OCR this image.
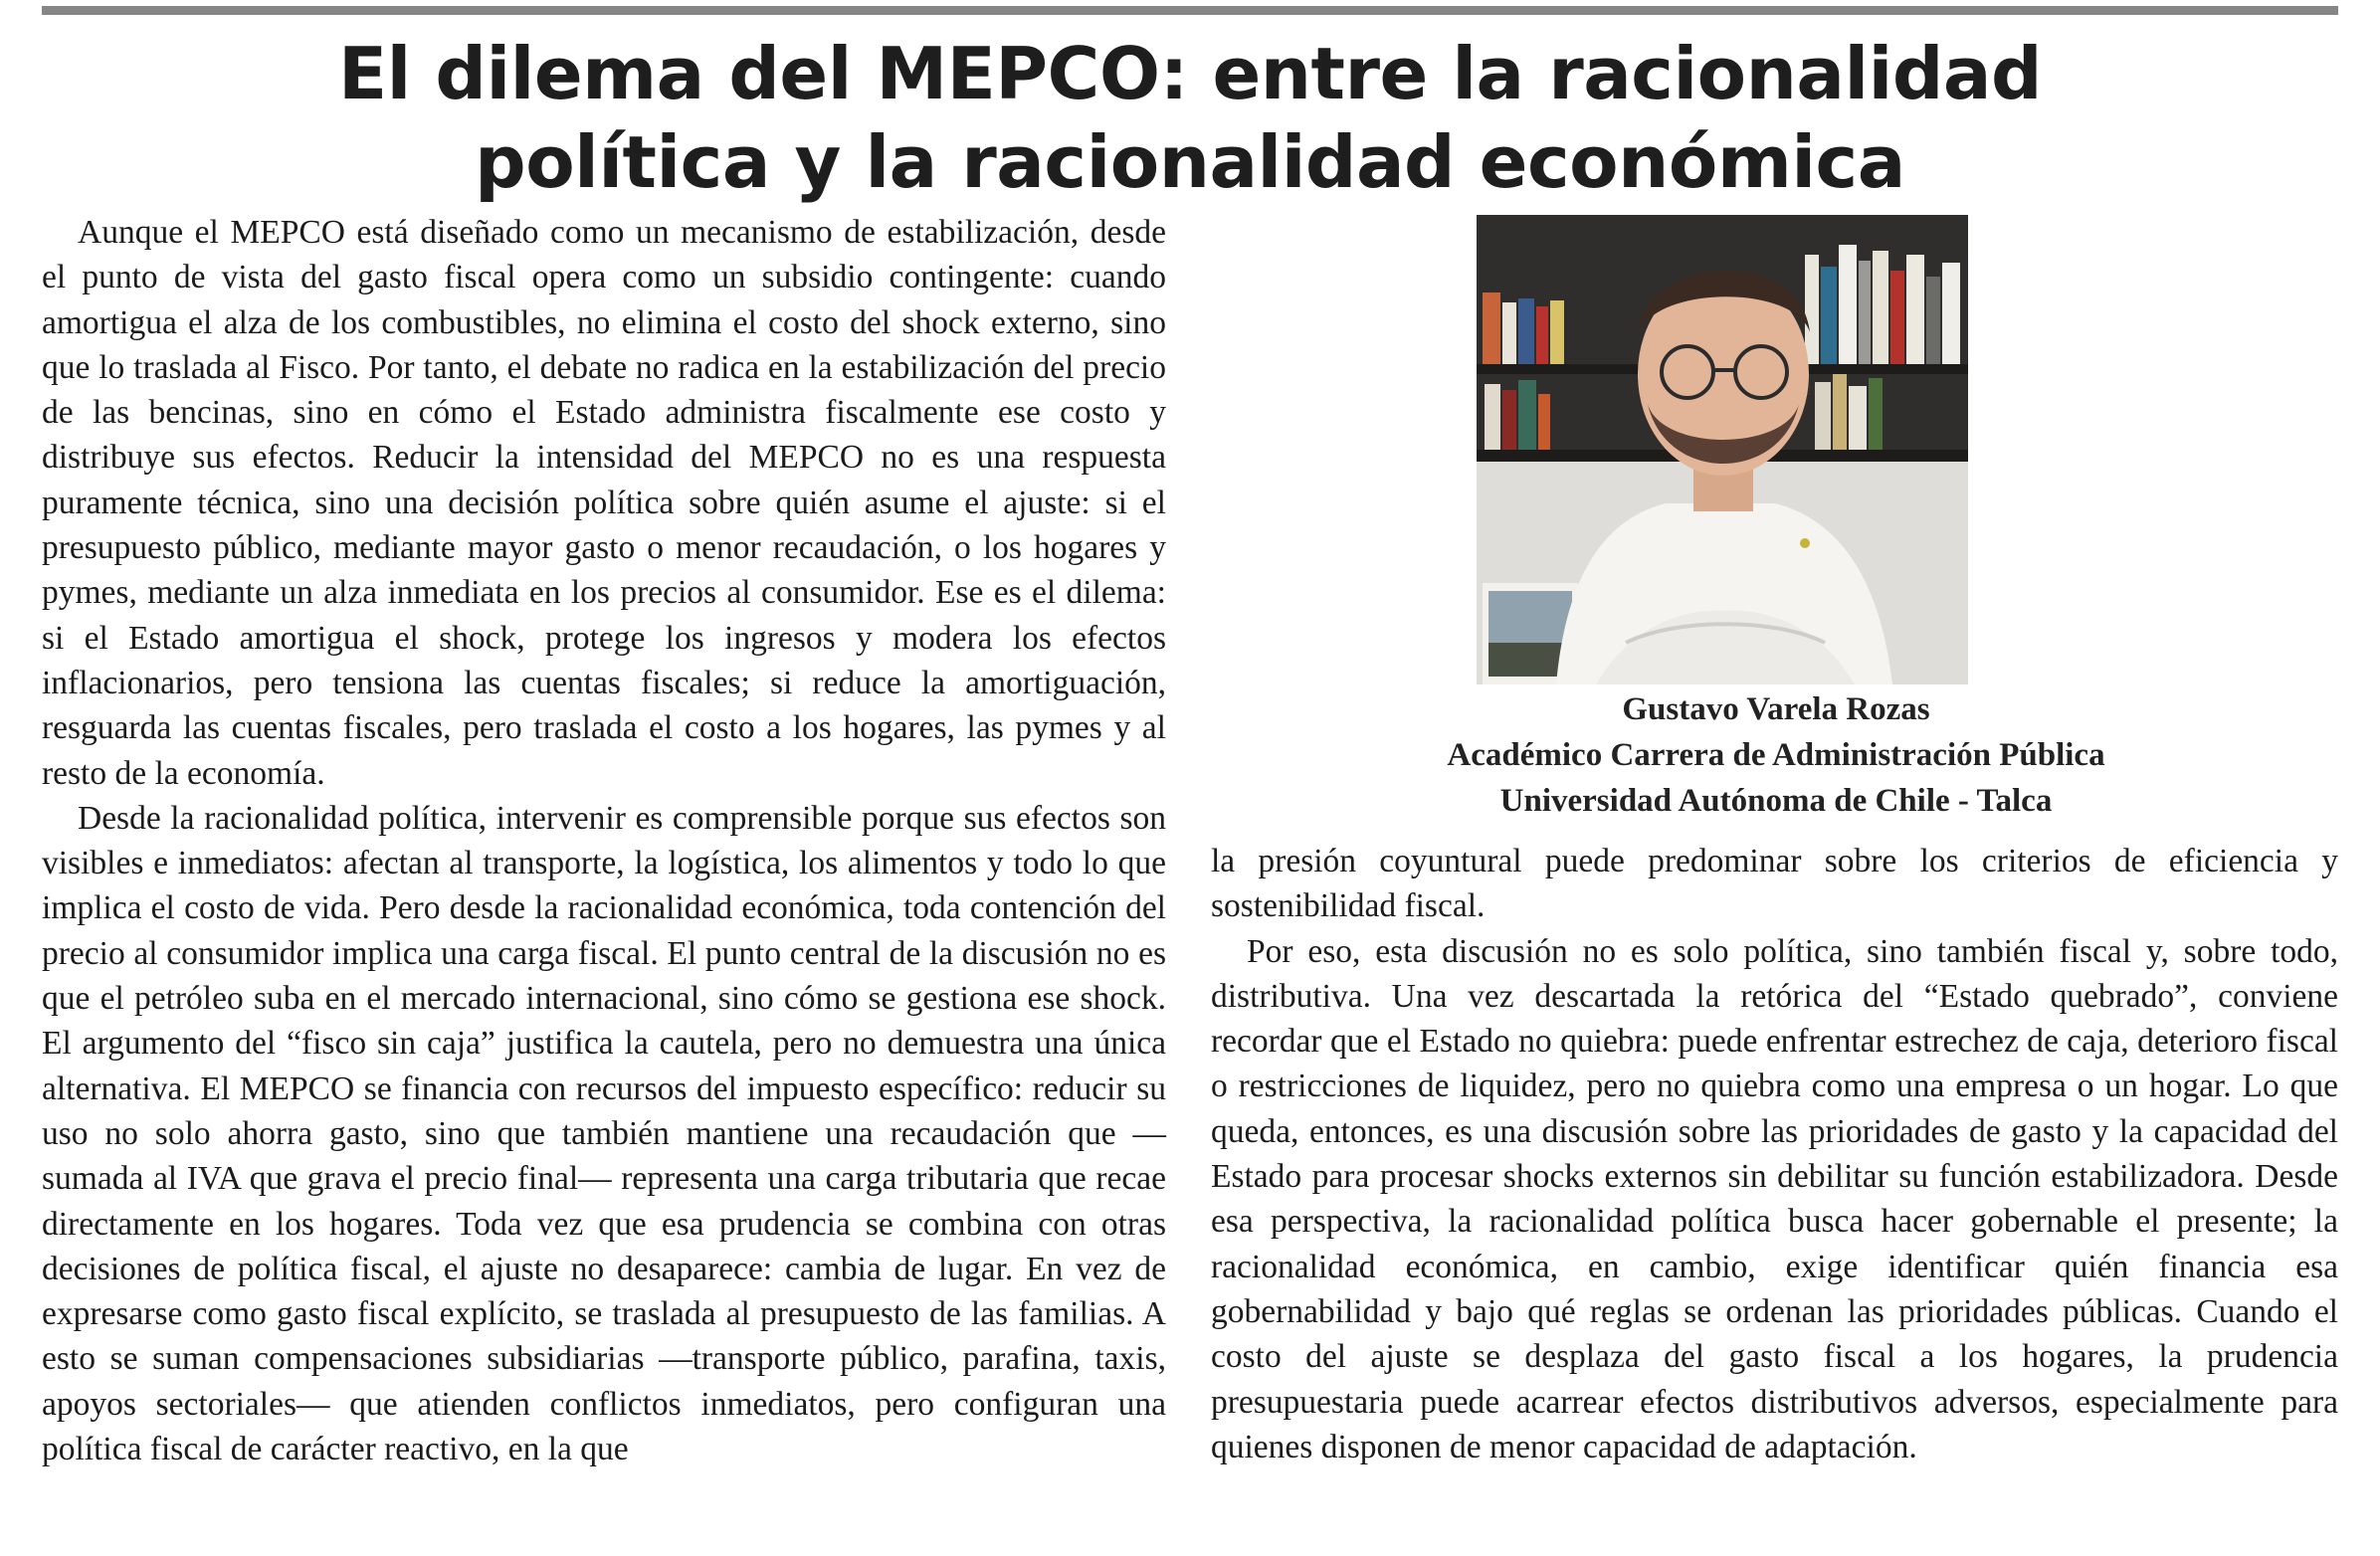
El dilema del MEPCO: entre la racionalidad
política y la racionalidad económica

Aunque el MEPCO está diseñado como un mecanismo de estabilización, desde el punto de vista del gasto fiscal opera como un subsidio contingente: cuando amortigua el alza de los combustibles, no elimina el costo del shock externo, sino que lo traslada al Fisco. Por tanto, el debate no radica en la estabilización del precio de las bencinas, sino en cómo el Estado administra fiscalmente ese costo y distribuye sus efectos. Reducir la intensidad del MEPCO no es una respuesta puramente técnica, sino una decisión política sobre quién asume el ajuste: si el presupuesto público, mediante mayor gasto o menor recaudación, o los hogares y pymes, mediante un alza inmediata en los precios al consumidor. Ese es el dilema: si el Estado amortigua el shock, protege los ingresos y modera los efectos inflacionarios, pero tensiona las cuentas fiscales; si reduce la amortiguación, resguarda las cuentas fiscales, pero traslada el costo a los hogares, las pymes y al resto de la economía.

Desde la racionalidad política, intervenir es comprensible porque sus efectos son visibles e inmediatos: afectan al transporte, la logística, los alimentos y todo lo que implica el costo de vida. Pero desde la racionalidad económica, toda contención del precio al consumidor implica una carga fiscal. El punto central de la discusión no es que el petróleo suba en el mercado internacional, sino cómo se gestiona ese shock. El argumento del “fisco sin caja” justifica la cautela, pero no demuestra una única alternativa. El MEPCO se financia con recursos del impuesto específico: reducir su uso no solo ahorra gasto, sino que también mantiene una recaudación que —sumada al IVA que grava el precio final— representa una carga tributaria que recae directamente en los hogares. Toda vez que esa prudencia se combina con otras decisiones de política fiscal, el ajuste no desaparece: cambia de lugar. En vez de expresarse como gasto fiscal explícito, se traslada al presupuesto de las familias. A esto se suman compensaciones subsidiarias —transporte público, parafina, taxis, apoyos sectoriales— que atienden conflictos inmediatos, pero configuran una política fiscal de carácter reactivo, en la que

Gustavo Varela Rozas
Académico Carrera de Administración Pública
Universidad Autónoma de Chile - Talca

la presión coyuntural puede predominar sobre los criterios de eficiencia y sostenibilidad fiscal.

Por eso, esta discusión no es solo política, sino también fiscal y, sobre todo, distributiva. Una vez descartada la retórica del “Estado quebrado”, conviene recordar que el Estado no quiebra: puede enfrentar estrechez de caja, deterioro fiscal o restricciones de liquidez, pero no quiebra como una empresa o un hogar. Lo que queda, entonces, es una discusión sobre las prioridades de gasto y la capacidad del Estado para procesar shocks externos sin debilitar su función estabilizadora. Desde esa perspectiva, la racionalidad política busca hacer gobernable el presente; la racionalidad económica, en cambio, exige identificar quién financia esa gobernabilidad y bajo qué reglas se ordenan las prioridades públicas. Cuando el costo del ajuste se desplaza del gasto fiscal a los hogares, la prudencia presupuestaria puede acarrear efectos distributivos adversos, especialmente para quienes disponen de menor capacidad de adaptación.
